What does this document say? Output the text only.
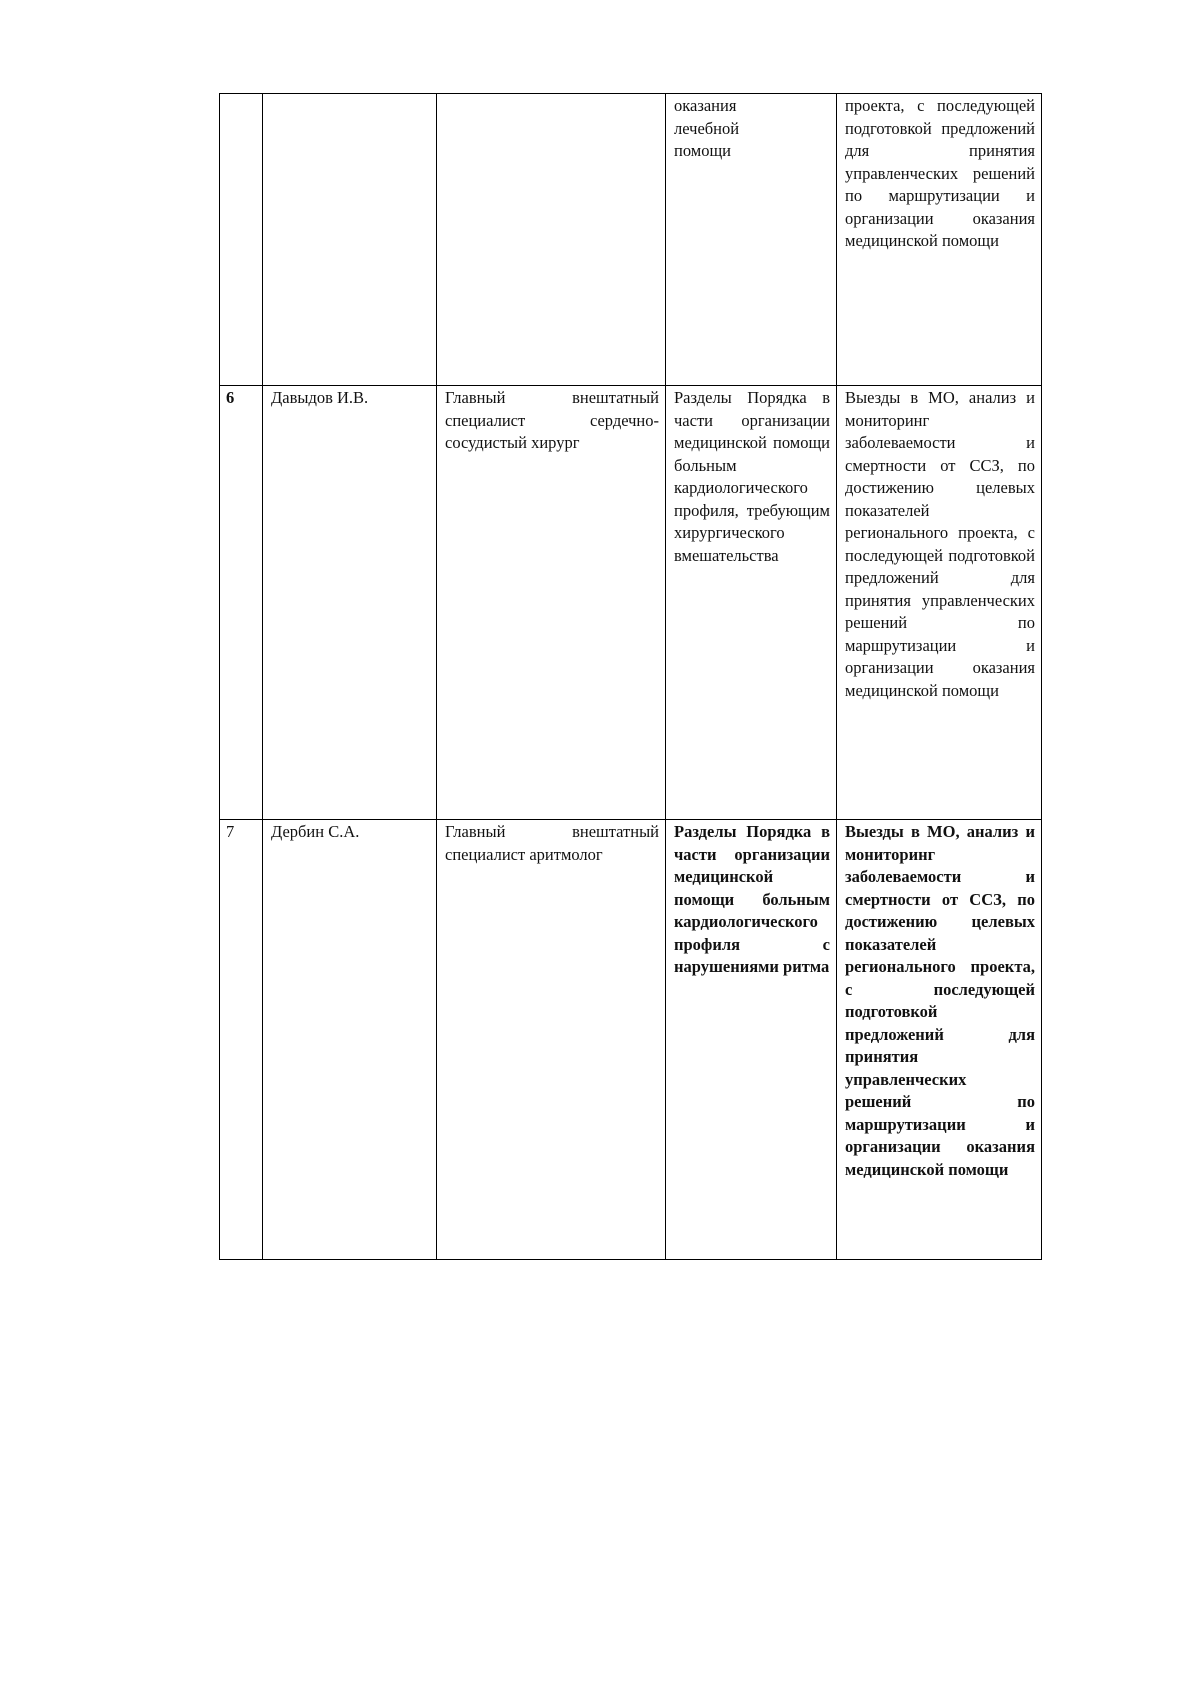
			оказания лечебной помощи	проекта, с последующей подготовкой предложений для принятия управленческих решений по маршрутизации и организации оказания медицинской помощи

6	Давыдов И.В.	Главный внештатный специалист сердечно-сосудистый хирург	Разделы Порядка в части организации медицинской помощи больным кардиологического профиля, требующим хирургического вмешательства	Выезды в МО, анализ и мониторинг заболеваемости и смертности от ССЗ, по достижению целевых показателей регионального проекта, с последующей подготовкой предложений для принятия управленческих решений по маршрутизации и организации оказания медицинской помощи

7	Дербин С.А.	Главный внештатный специалист аритмолог	Разделы Порядка в части организации медицинской помощи больным кардиологического профиля с нарушениями ритма	Выезды в МО, анализ и мониторинг заболеваемости и смертности от ССЗ, по достижению целевых показателей регионального проекта, с последующей подготовкой предложений для принятия управленческих решений по маршрутизации и организации оказания медицинской помощи
